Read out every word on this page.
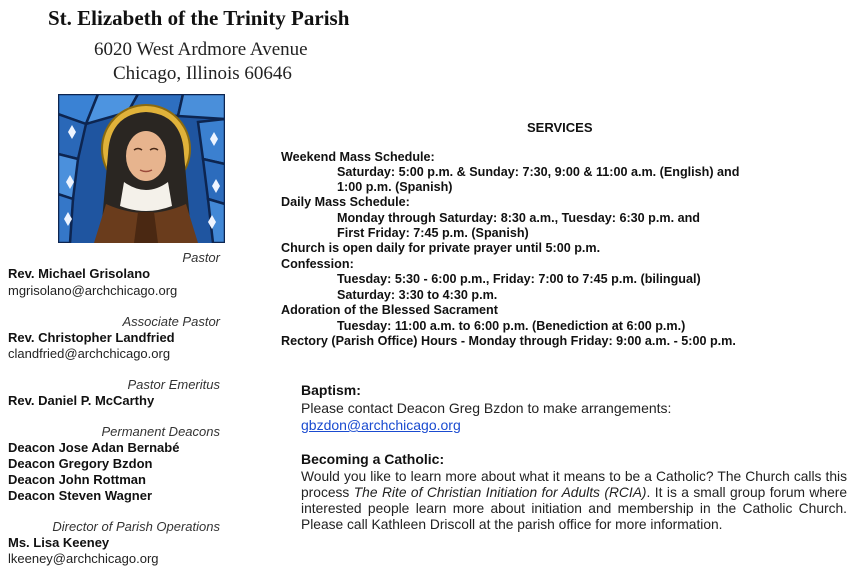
St. Elizabeth of the Trinity Parish
6020 West Ardmore Avenue
Chicago, Illinois 60646
Pastor
Rev. Michael Grisolano
mgrisolano@archchicago.org
Associate Pastor
Rev. Christopher Landfried
clandfried@archchicago.org
Pastor Emeritus
Rev. Daniel P. McCarthy
Permanent Deacons
Deacon Jose Adan Bernabé
Deacon Gregory Bzdon
Deacon John Rottman
Deacon Steven Wagner
Director of Parish Operations
Ms. Lisa Keeney
lkeeney@archchicago.org
SERVICES
Weekend Mass Schedule:
Saturday: 5:00 p.m. & Sunday: 7:30, 9:00 & 11:00 a.m. (English) and
1:00 p.m. (Spanish)
Daily Mass Schedule:
Monday through Saturday: 8:30 a.m., Tuesday: 6:30 p.m. and
First Friday: 7:45 p.m. (Spanish)
Church is open daily for private prayer until 5:00 p.m.
Confession:
Tuesday: 5:30 - 6:00 p.m., Friday: 7:00 to 7:45 p.m. (bilingual)
Saturday: 3:30 to 4:30 p.m.
Adoration of the Blessed Sacrament
Tuesday: 11:00 a.m. to 6:00 p.m. (Benediction at 6:00 p.m.)
Rectory (Parish Office) Hours - Monday through Friday: 9:00 a.m. - 5:00 p.m.
Baptism:
Please contact Deacon Greg Bzdon to make arrangements:
gbzdon@archchicago.org
Becoming a Catholic:
Would you like to learn more about what it means to be a Catholic? The Church calls this process The Rite of Christian Initiation for Adults (RCIA). It is a small group forum where interested people learn more about initiation and membership in the Catholic Church. Please call Kathleen Driscoll at the parish office for more information.
